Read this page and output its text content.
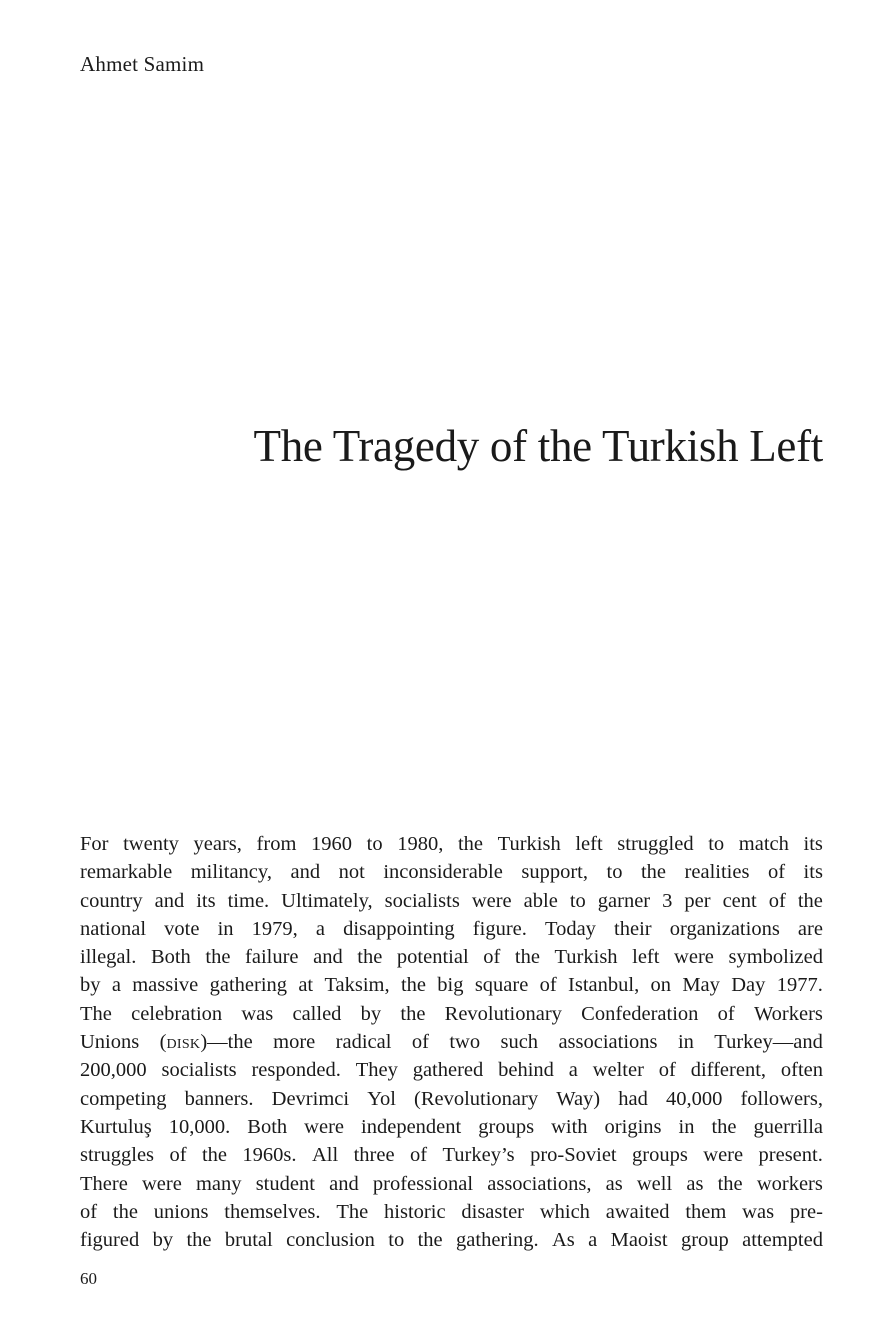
Ahmet Samim
The Tragedy of the Turkish Left
For twenty years, from 1960 to 1980, the Turkish left struggled to match its
remarkable militancy, and not inconsiderable support, to the realities of its
country and its time. Ultimately, socialists were able to garner 3 per cent of the
national vote in 1979, a disappointing figure. Today their organizations are
illegal. Both the failure and the potential of the Turkish left were symbolized
by a massive gathering at Taksim, the big square of Istanbul, on May Day 1977.
The celebration was called by the Revolutionary Confederation of Workers
Unions (disk)—the more radical of two such associations in Turkey—and
200,000 socialists responded. They gathered behind a welter of different, often
competing banners. Devrimci Yol (Revolutionary Way) had 40,000 followers,
Kurtuluş 10,000. Both were independent groups with origins in the guerrilla
struggles of the 1960s. All three of Turkey’s pro-Soviet groups were present.
There were many student and professional associations, as well as the workers
of the unions themselves. The historic disaster which awaited them was pre-
figured by the brutal conclusion to the gathering. As a Maoist group attempted
60
